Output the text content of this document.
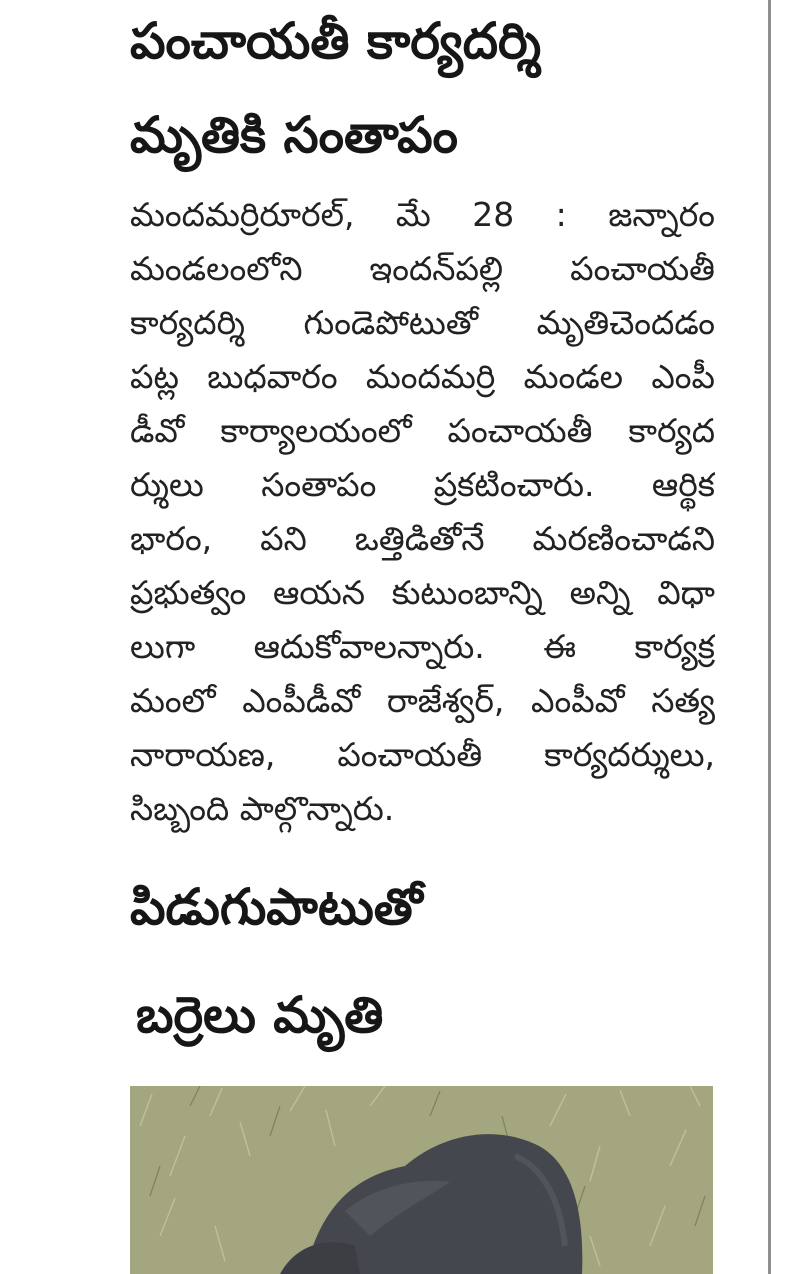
పంచాయతీ కార్యదర్శి
మృతికి సంతాపం
మందమర్రిరూరల్, మే 28 : జన్నారం
మండలంలోని ఇందన్‌పల్లి పంచాయతీ
కార్యదర్శి గుండెపోటుతో మృతిచెందడం
పట్ల బుధవారం మందమర్రి మండల ఎంపీ
డీవో కార్యాలయంలో పంచాయతీ కార్యద
ర్శులు సంతాపం ప్రకటించారు. ఆర్థిక
భారం, పని ఒత్తిడితోనే మరణించాడని
ప్రభుత్వం ఆయన కుటుంబాన్ని అన్ని విధా
లుగా ఆదుకోవాలన్నారు. ఈ కార్యక్ర
మంలో ఎంపీడీవో రాజేశ్వర్, ఎంపీవో సత్య
నారాయణ, పంచాయతీ కార్యదర్శులు,
సిబ్బంది పాల్గొన్నారు.
పిడుగుపాటుతో
బర్రెలు మృతి
